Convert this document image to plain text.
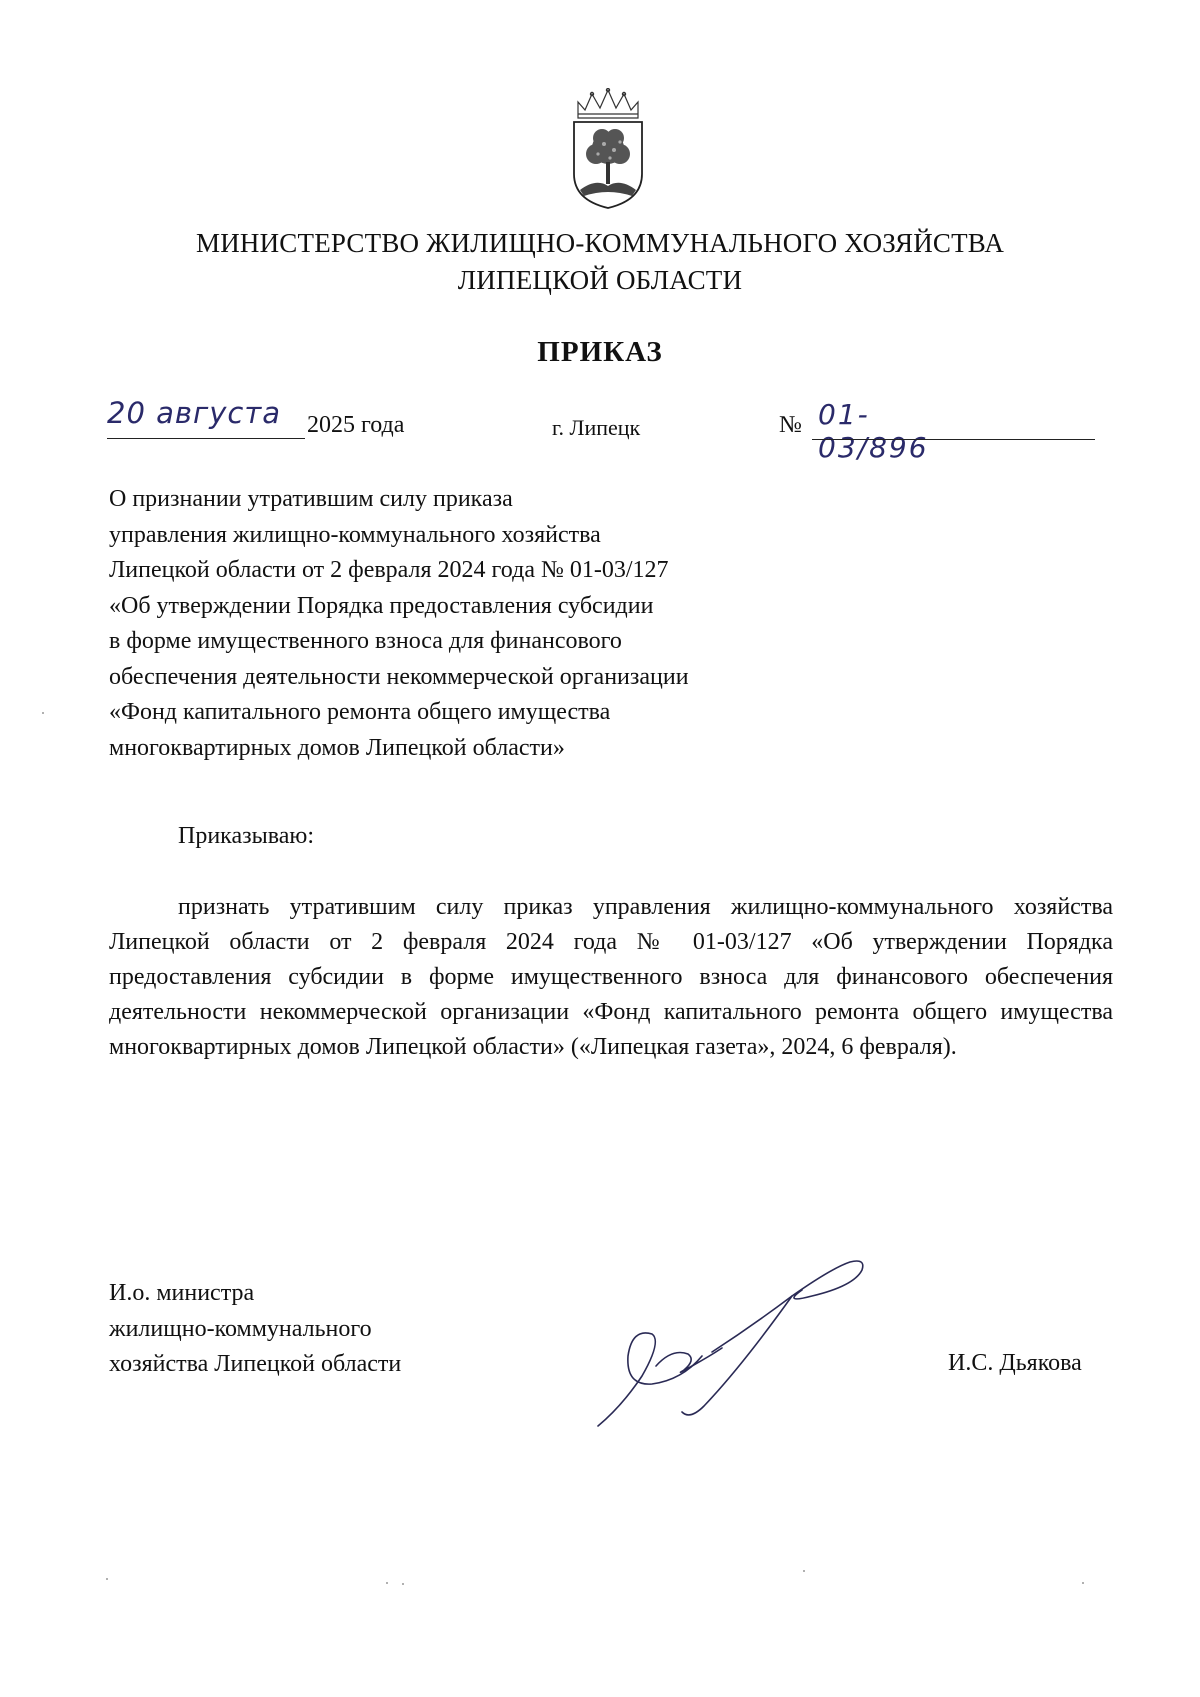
МИНИСТЕРСТВО ЖИЛИЩНО-КОММУНАЛЬНОГО ХОЗЯЙСТВА
ЛИПЕЦКОЙ ОБЛАСТИ
ПРИКАЗ
20 августа	2025 года	г. Липецк	№ 01-03/896
О признании утратившим силу приказа
управления жилищно-коммунального хозяйства
Липецкой области от 2 февраля 2024 года № 01-03/127
«Об утверждении Порядка предоставления субсидии
в форме имущественного взноса для финансового
обеспечения деятельности некоммерческой организации
«Фонд капитального ремонта общего имущества
многоквартирных домов Липецкой области»
Приказываю:
признать утратившим силу приказ управления жилищно-коммунального хозяйства Липецкой области от 2 февраля 2024 года № 01-03/127 «Об утверждении Порядка предоставления субсидии в форме имущественного взноса для финансового обеспечения деятельности некоммерческой организации «Фонд капитального ремонта общего имущества многоквартирных домов Липецкой области» («Липецкая газета», 2024, 6 февраля).
И.о. министра
жилищно-коммунального
хозяйства Липецкой области	И.С. Дьякова
